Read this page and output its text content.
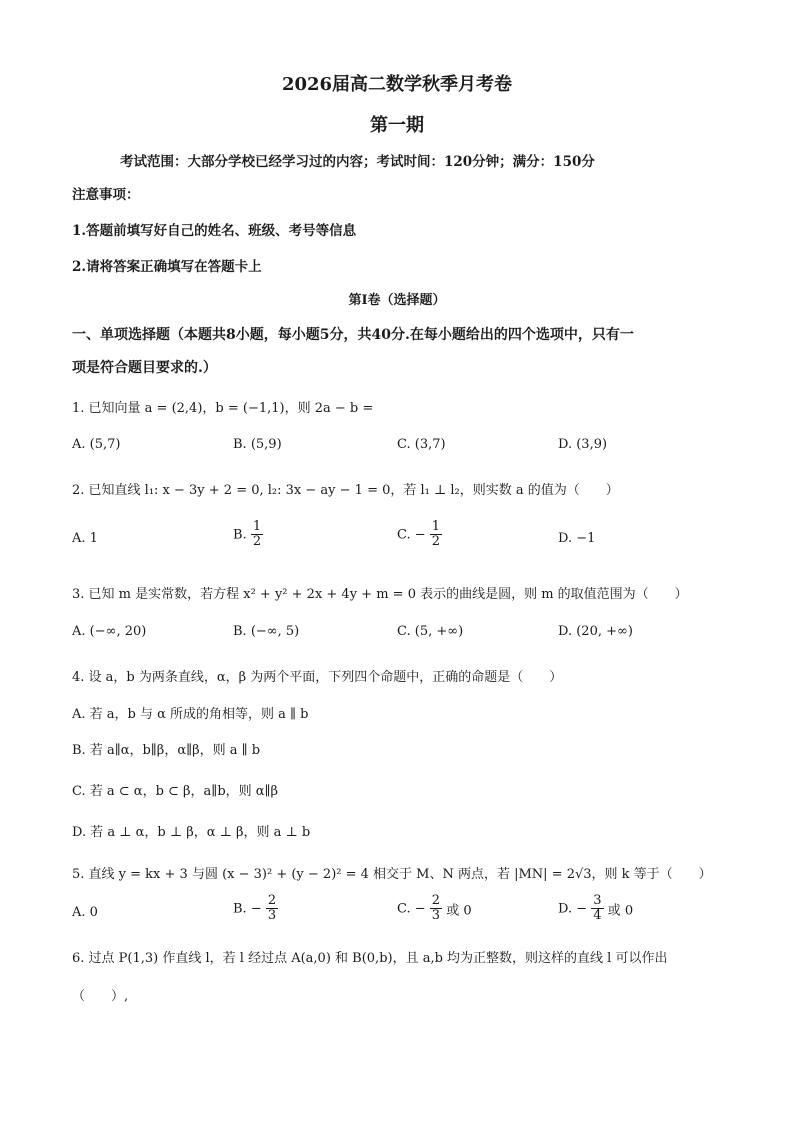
2026届高二数学秋季月考卷
第一期
考试范围：大部分学校已经学习过的内容；考试时间：120分钟；满分：150分
注意事项：
1.答题前填写好自己的姓名、班级、考号等信息
2.请将答案正确填写在答题卡上
第I卷（选择题）
一、单项选择题（本题共8小题，每小题5分，共40分.在每小题给出的四个选项中，只有一
项是符合题目要求的.）
1. 已知向量 a = (2,4)，b = (−1,1)，则 2a − b =
A. (5,7)	B. (5,9)	C. (3,7)	D. (3,9)
2. 已知直线 l₁: x − 3y + 2 = 0, l₂: 3x − ay − 1 = 0，若 l₁ ⊥ l₂，则实数 a 的值为（　　）
A. 1	B. $\frac{1}{2}$	C. − $\frac{1}{2}$	D. −1
3. 已知 m 是实常数，若方程 x² + y² + 2x + 4y + m = 0 表示的曲线是圆，则 m 的取值范围为（　　）
A. (−∞, 20)	B. (−∞, 5)	C. (5, +∞)	D. (20, +∞)
4. 设 a，b 为两条直线，α，β 为两个平面，下列四个命题中，正确的命题是（　　）
A. 若 a，b 与 α 所成的角相等，则 a ∥ b
B. 若 a∥α，b∥β，α∥β，则 a ∥ b
C. 若 a ⊂ α，b ⊂ β，a∥b，则 α∥β
D. 若 a ⊥ α，b ⊥ β，α ⊥ β，则 a ⊥ b
5. 直线 y = kx + 3 与圆 (x − 3)² + (y − 2)² = 4 相交于 M、N 两点，若 |MN| = 2√3，则 k 等于（　　）
A. 0	B. − $\frac{2}{3}$	C. − $\frac{2}{3}$ 或 0	D. − $\frac{3}{4}$ 或 0
6. 过点 P(1,3) 作直线 l，若 l 经过点 A(a,0) 和 B(0,b)，且 a,b 均为正整数，则这样的直线 l 可以作出
（　　）,
